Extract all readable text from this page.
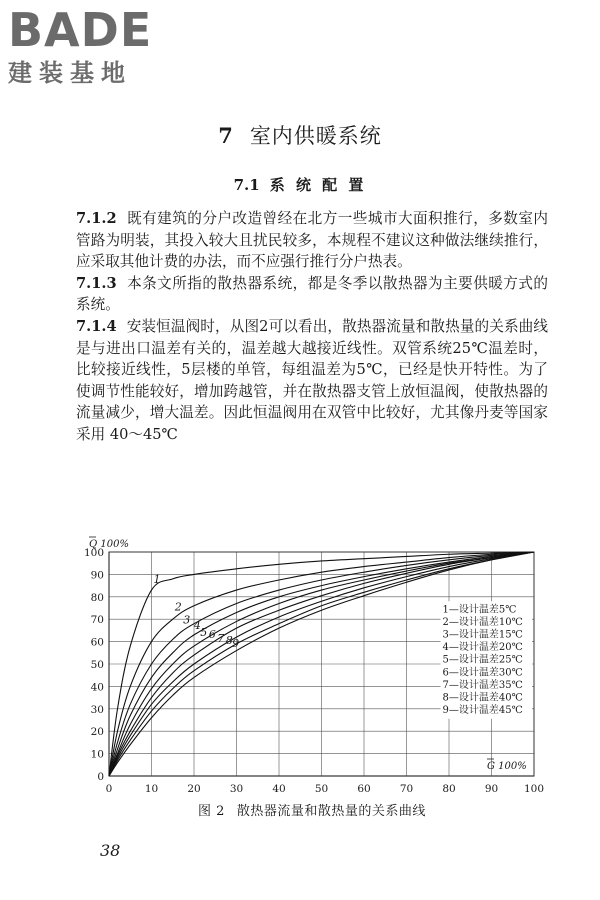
BADE
建装基地
7 室内供暖系统
7.1 系 统 配 置

7.1.2 既有建筑的分户改造曾经在北方一些城市大面积推行，多数室内管路为明装，其投入较大且扰民较多，本规程不建议这种做法继续推行，应采取其他计费的办法，而不应强行推行分户热表。

7.1.3 本条文所指的散热器系统，都是冬季以散热器为主要供暖方式的系统。

7.1.4 安装恒温阀时，从图2可以看出，散热器流量和散热量的关系曲线是与进出口温差有关的，温差越大越接近线性。双管系统25℃温差时，比较接近线性，5层楼的单管，每组温差为5℃，已经是快开特性。为了使调节性能较好，增加跨越管，并在散热器支管上放恒温阀，使散热器的流量减少，增大温差。因此恒温阀用在双管中比较好，尤其像丹麦等国家采用 40～45℃

0
10
20
30
40
50
60
70
80
90
100
0	10	20	30	40	50	60	70	80	90 100
Q 100%
G 100%
1
2
3 4
5 6 7 8 9
1—设计温差5℃
2—设计温差10℃
3—设计温差15℃
4—设计温差20℃
5—设计温差25℃
6—设计温差30℃
7—设计温差35℃
8—设计温差40℃
9—设计温差45℃
图 2 散热器流量和散热量的关系曲线
38
